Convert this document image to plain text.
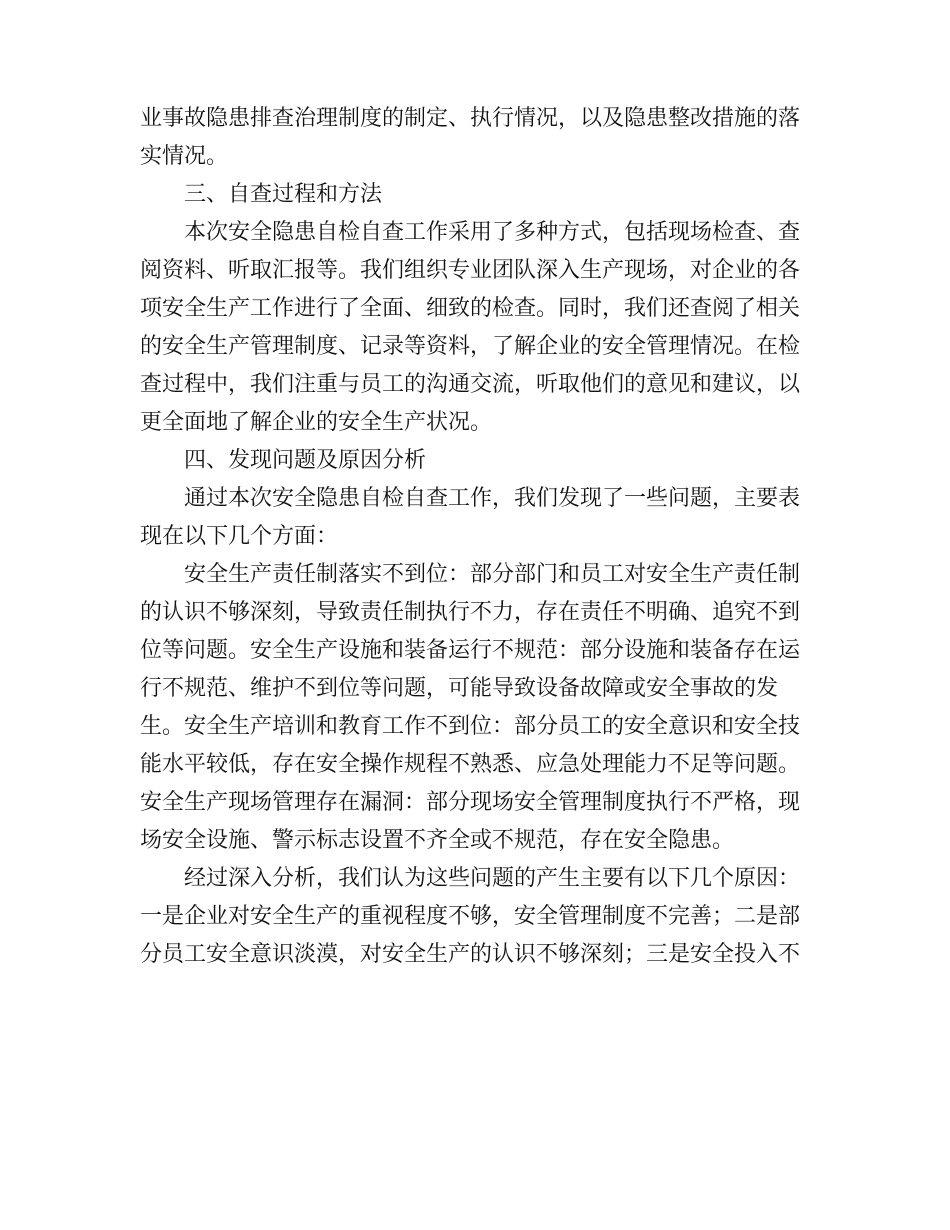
业事故隐患排查治理制度的制定、执行情况，以及隐患整改措施的落
实情况。
三、自查过程和方法
本次安全隐患自检自查工作采用了多种方式，包括现场检查、查
阅资料、听取汇报等。我们组织专业团队深入生产现场，对企业的各
项安全生产工作进行了全面、细致的检查。同时，我们还查阅了相关
的安全生产管理制度、记录等资料，了解企业的安全管理情况。在检
查过程中，我们注重与员工的沟通交流，听取他们的意见和建议，以
更全面地了解企业的安全生产状况。
四、发现问题及原因分析
通过本次安全隐患自检自查工作，我们发现了一些问题，主要表
现在以下几个方面：
安全生产责任制落实不到位：部分部门和员工对安全生产责任制
的认识不够深刻，导致责任制执行不力，存在责任不明确、追究不到
位等问题。安全生产设施和装备运行不规范：部分设施和装备存在运
行不规范、维护不到位等问题，可能导致设备故障或安全事故的发
生。安全生产培训和教育工作不到位：部分员工的安全意识和安全技
能水平较低，存在安全操作规程不熟悉、应急处理能力不足等问题。
安全生产现场管理存在漏洞：部分现场安全管理制度执行不严格，现
场安全设施、警示标志设置不齐全或不规范，存在安全隐患。
经过深入分析，我们认为这些问题的产生主要有以下几个原因：
一是企业对安全生产的重视程度不够，安全管理制度不完善；二是部
分员工安全意识淡漠，对安全生产的认识不够深刻；三是安全投入不
